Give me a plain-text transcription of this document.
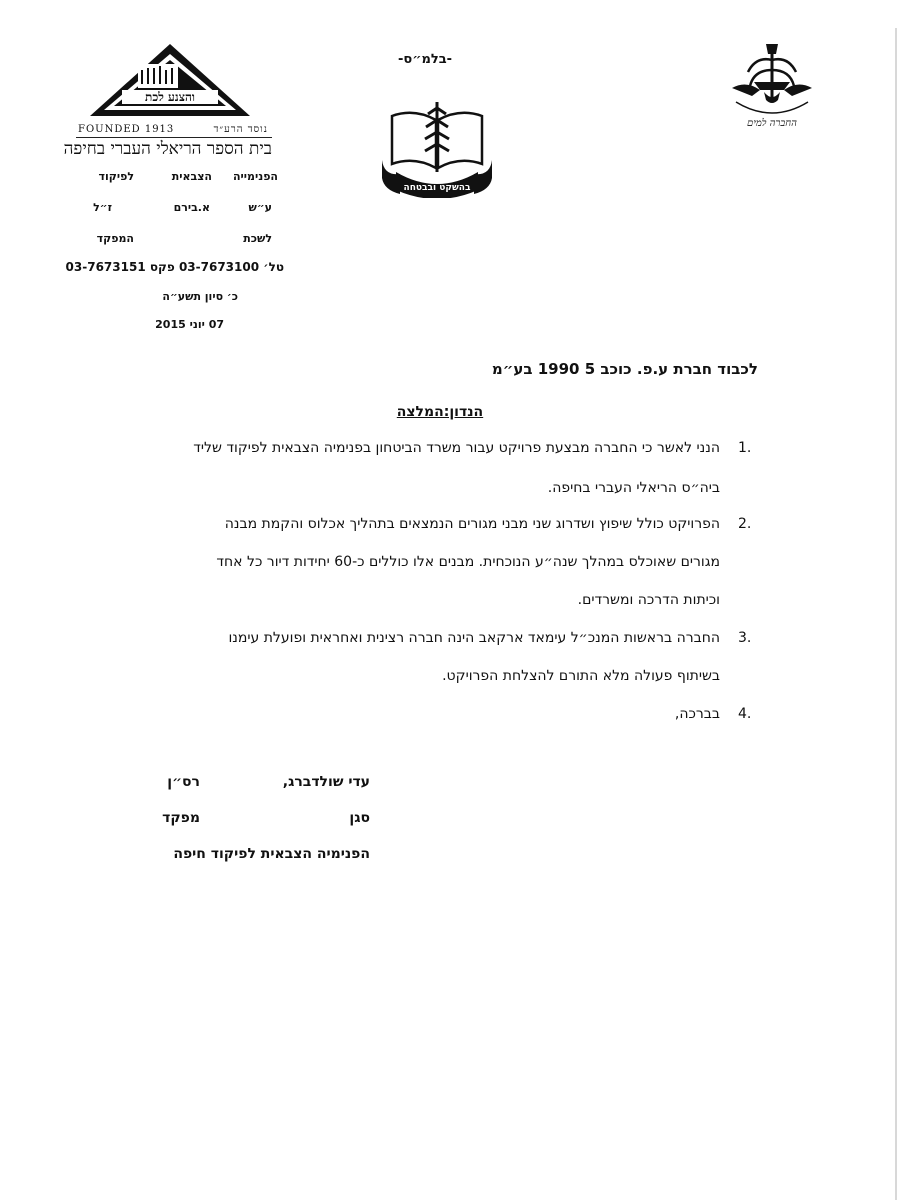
-בלמ״ס-
והצנע לכת
FOUNDED 1913	נוסד הרע״ד
בית הספר הריאלי העברי בחיפה
הפנימייה
הצבאית
לפיקוד
ע״ש
א.בירם
ז״ל
לשכת
המפקד
טל׳ 03-7673100 פקס 03-7673151
כ׳ סיון תשע״ה
07 יוני 2015
בהשקט ובבטחה
החברה למים
לכבוד חברת ע.פ. כוכב 5 1990 בע״מ
הנדון:המלצה
1.
הנני לאשר כי החברה מבצעת פרויקט עבור משרד הביטחון בפנימיה הצבאית לפיקוד שליד
ביה״ס הריאלי העברי בחיפה.
2.
הפרויקט כולל שיפוץ ושדרוג שני מבני מגורים הנמצאים בתהליך אכלוס והקמת מבנה
מגורים שאוכלס במהלך שנה״ע הנוכחית. מבנים אלו כוללים כ-60 יחידות דיור כל אחד
וכיתות הדרכה ומשרדים.
3.
החברה בראשות המנכ״ל עימאד ארקאב הינה חברה רצינית ואחראית ופועלת עימנו
בשיתוף פעולה מלא התורם להצלחת הפרויקט.
4.
בברכה,
עדי שולדברג,
רס״ן
סגן
מפקד
הפנימיה הצבאית לפיקוד חיפה
